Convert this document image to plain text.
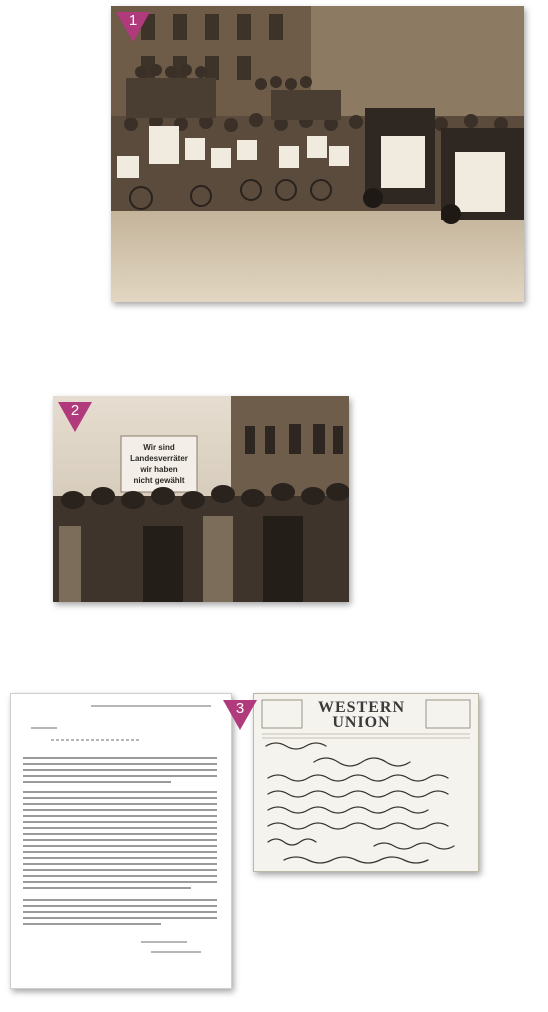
1
Wir sind
Landesverräter
wir haben
nicht gewählt
2
WESTERN
UNION
3
